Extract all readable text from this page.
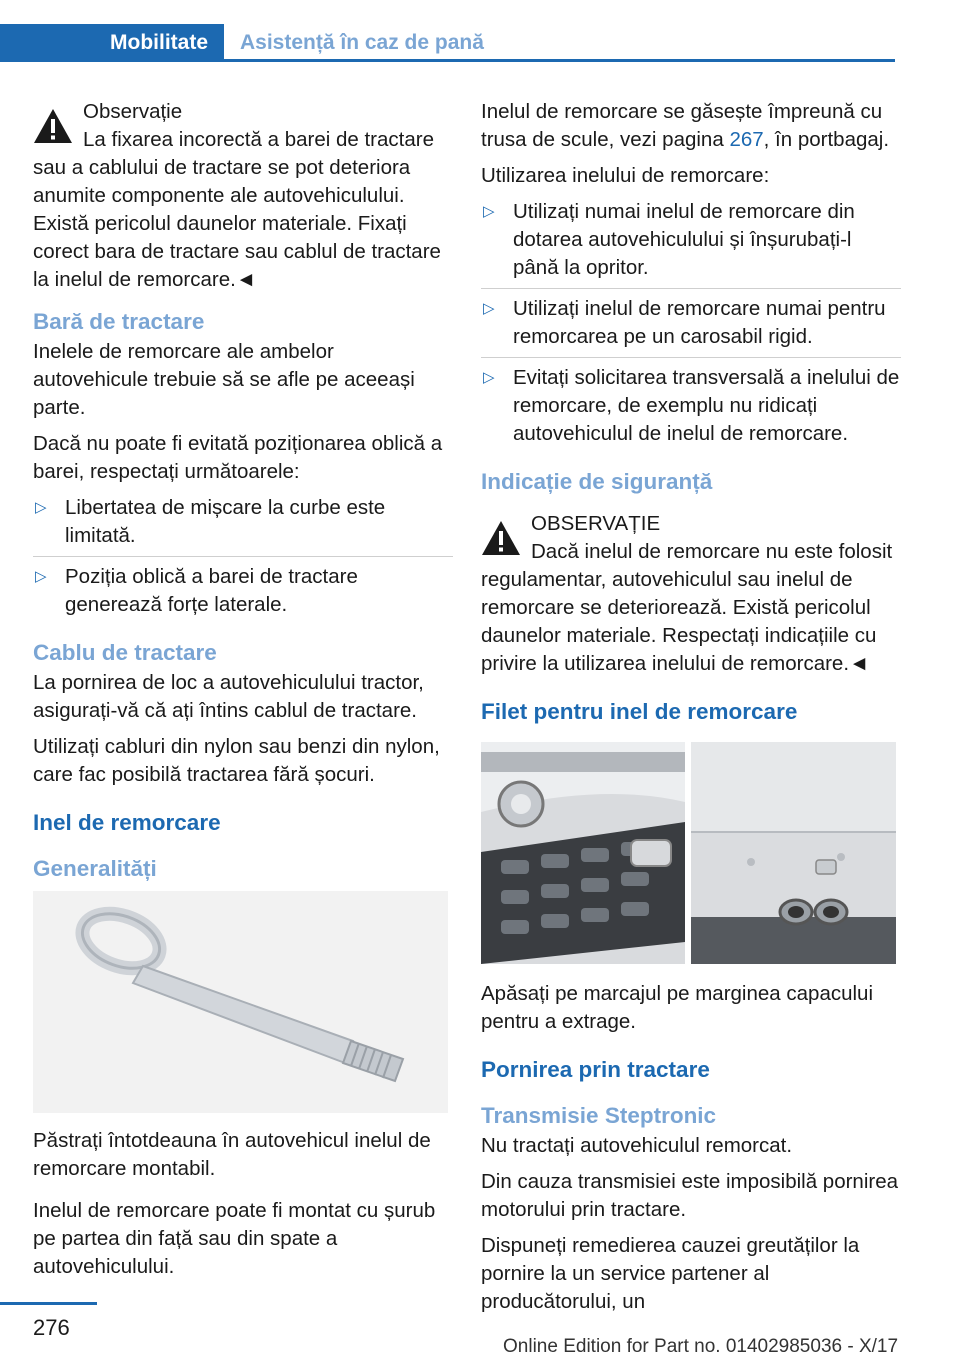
Mobilitate Asistență în caz de pană

Observație

La fixarea incorectă a barei de tractare

sau a cablului de tractare se pot deteriora anumite componente ale autovehiculului. Există pericolul daunelor materiale. Fixați corect bara de tractare sau cablul de tractare la inelul de remorcare.◄

Bară de tractare

Inelele de remorcare ale ambelor autovehicule trebuie să se afle pe aceeași parte.

Dacă nu poate fi evitată poziționarea oblică a barei, respectați următoarele:

▷ Libertatea de mișcare la curbe este limitată.
▷ Poziția oblică a barei de tractare generează forțe laterale.
Cablu de tractare

La pornirea de loc a autovehiculului tractor, asigurați-vă că ați întins cablul de tractare.

Utilizați cabluri din nylon sau benzi din nylon, care fac posibilă tractarea fără șocuri.

Inel de remorcare
Generalități

Păstrați întotdeauna în autovehicul inelul de remorcare montabil.

Inelul de remorcare poate fi montat cu șurub pe partea din față sau din spate a autovehiculului.

Inelul de remorcare se găsește împreună cu trusa de scule, vezi pagina 267, în portbagaj.

Utilizarea inelului de remorcare:

▷ Utilizați numai inelul de remorcare din dotarea autovehiculului și înșurubați-l până la opritor.
▷ Utilizați inelul de remorcare numai pentru remorcarea pe un carosabil rigid.
▷ Evitați solicitarea transversală a inelului de remorcare, de exemplu nu ridicați autovehiculul de inelul de remorcare.
Indicație de siguranță

OBSERVAȚIE

Dacă inelul de remorcare nu este folosit

regulamentar, autovehiculul sau inelul de remorcare se deteriorează. Există pericolul daunelor materiale. Respectați indicațiile cu privire la utilizarea inelului de remorcare.◄

Filet pentru inel de remorcare

Apăsați pe marcajul pe marginea capacului pentru a extrage.

Pornirea prin tractare
Transmisie Steptronic

Nu tractați autovehiculul remorcat.

Din cauza transmisiei este imposibilă pornirea motorului prin tractare.

Dispuneți remedierea cauzei greutăților la pornire la un service partener al producătorului, un

276
Online Edition for Part no. 01402985036 - X/17
